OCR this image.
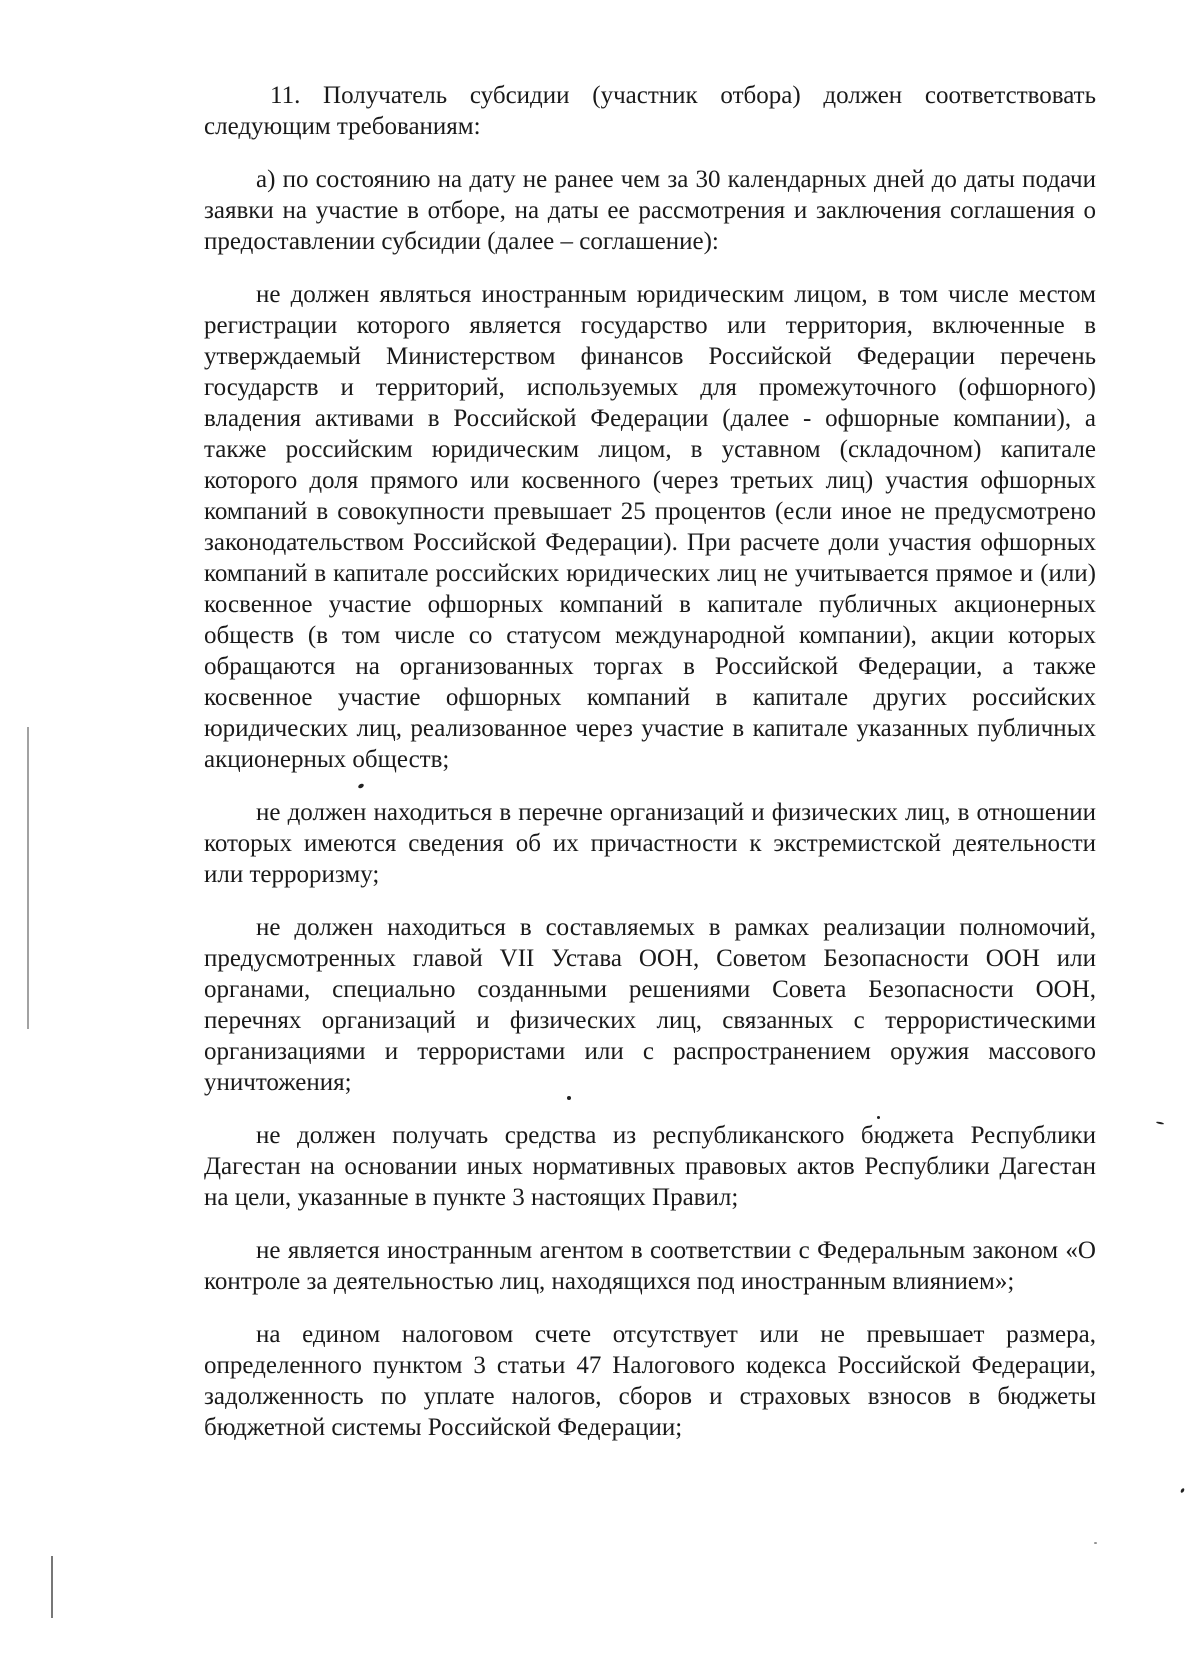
11. Получатель субсидии (участник отбора) должен соответствовать следующим требованиям:

а) по состоянию на дату не ранее чем за 30 календарных дней до даты подачи заявки на участие в отборе, на даты ее рассмотрения и заключения соглашения о предоставлении субсидии (далее – соглашение):

не должен являться иностранным юридическим лицом, в том числе местом регистрации которого является государство или территория, включенные в утверждаемый Министерством финансов Российской Федерации перечень государств и территорий, используемых для промежуточного (офшорного) владения активами в Российской Федерации (далее - офшорные компании), а также российским юридическим лицом, в уставном (складочном) капитале которого доля прямого или косвенного (через третьих лиц) участия офшорных компаний в совокупности превышает 25 процентов (если иное не предусмотрено законодательством Российской Федерации). При расчете доли участия офшорных компаний в капитале российских юридических лиц не учитывается прямое и (или) косвенное участие офшорных компаний в капитале публичных акционерных обществ (в том числе со статусом международной компании), акции которых обращаются на организованных торгах в Российской Федерации, а также косвенное участие офшорных компаний в капитале других российских юридических лиц, реализованное через участие в капитале указанных публичных акционерных обществ;

не должен находиться в перечне организаций и физических лиц, в отношении которых имеются сведения об их причастности к экстремистской деятельности или терроризму;

не должен находиться в составляемых в рамках реализации полномочий, предусмотренных главой VII Устава ООН, Советом Безопасности ООН или органами, специально созданными решениями Совета Безопасности ООН, перечнях организаций и физических лиц, связанных с террористическими организациями и террористами или с распространением оружия массового уничтожения;

не должен получать средства из республиканского бюджета Республики Дагестан на основании иных нормативных правовых актов Республики Дагестан на цели, указанные в пункте 3 настоящих Правил;

не является иностранным агентом в соответствии с Федеральным законом «О контроле за деятельностью лиц, находящихся под иностранным влиянием»;

на едином налоговом счете отсутствует или не превышает размера, определенного пунктом 3 статьи 47 Налогового кодекса Российской Федерации, задолженность по уплате налогов, сборов и страховых взносов в бюджеты бюджетной системы Российской Федерации;
